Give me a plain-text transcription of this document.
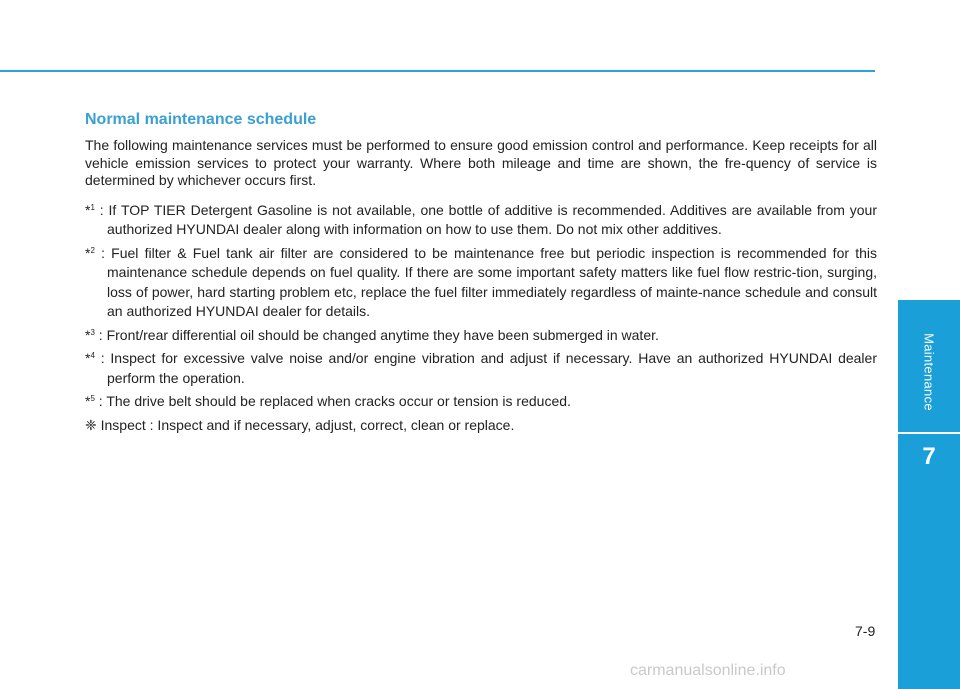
Maintenance
7
Normal maintenance schedule

The following maintenance services must be performed to ensure good emission control and performance. Keep receipts for all vehicle emission services to protect your warranty. Where both mileage and time are shown, the fre-quency of service is determined by whichever occurs first.

*$^1$ : If TOP TIER Detergent Gasoline is not available, one bottle of additive is recommended. Additives are available from your authorized HYUNDAI dealer along with information on how to use them. Do not mix other additives.

*$^2$ : Fuel filter & Fuel tank air filter are considered to be maintenance free but periodic inspection is recommended for this maintenance schedule depends on fuel quality. If there are some important safety matters like fuel flow restric-tion, surging, loss of power, hard starting problem etc, replace the fuel filter immediately regardless of mainte-nance schedule and consult an authorized HYUNDAI dealer for details.

*$^3$ : Front/rear differential oil should be changed anytime they have been submerged in water.

*$^4$ : Inspect for excessive valve noise and/or engine vibration and adjust if necessary. Have an authorized HYUNDAI dealer perform the operation.

*$^5$ : The drive belt should be replaced when cracks occur or tension is reduced.

❈ Inspect : Inspect and if necessary, adjust, correct, clean or replace.

7-9
carmanualsonline.info
